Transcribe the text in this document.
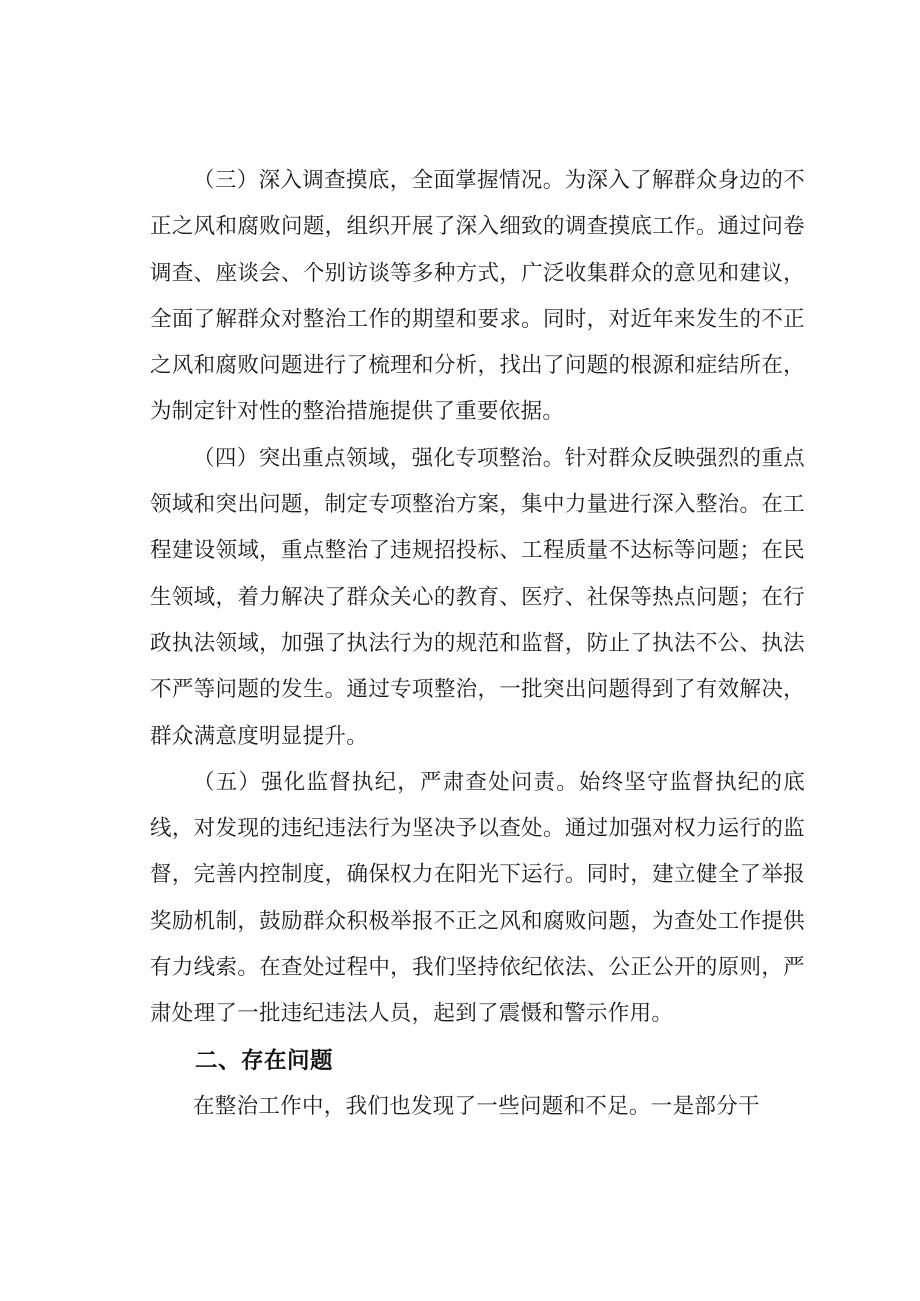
（三）深入调查摸底，全面掌握情况。为深入了解群众身边的不正之风和腐败问题，组织开展了深入细致的调查摸底工作。通过问卷调查、座谈会、个别访谈等多种方式，广泛收集群众的意见和建议，全面了解群众对整治工作的期望和要求。同时，对近年来发生的不正之风和腐败问题进行了梳理和分析，找出了问题的根源和症结所在，为制定针对性的整治措施提供了重要依据。

（四）突出重点领域，强化专项整治。针对群众反映强烈的重点领域和突出问题，制定专项整治方案，集中力量进行深入整治。在工程建设领域，重点整治了违规招投标、工程质量不达标等问题；在民生领域，着力解决了群众关心的教育、医疗、社保等热点问题；在行政执法领域，加强了执法行为的规范和监督，防止了执法不公、执法不严等问题的发生。通过专项整治，一批突出问题得到了有效解决，群众满意度明显提升。

（五）强化监督执纪，严肃查处问责。始终坚守监督执纪的底线，对发现的违纪违法行为坚决予以查处。通过加强对权力运行的监督，完善内控制度，确保权力在阳光下运行。同时，建立健全了举报奖励机制，鼓励群众积极举报不正之风和腐败问题，为查处工作提供有力线索。在查处过程中，我们坚持依纪依法、公正公开的原则，严肃处理了一批违纪违法人员，起到了震慑和警示作用。

二、存在问题

在整治工作中，我们也发现了一些问题和不足。一是部分干
